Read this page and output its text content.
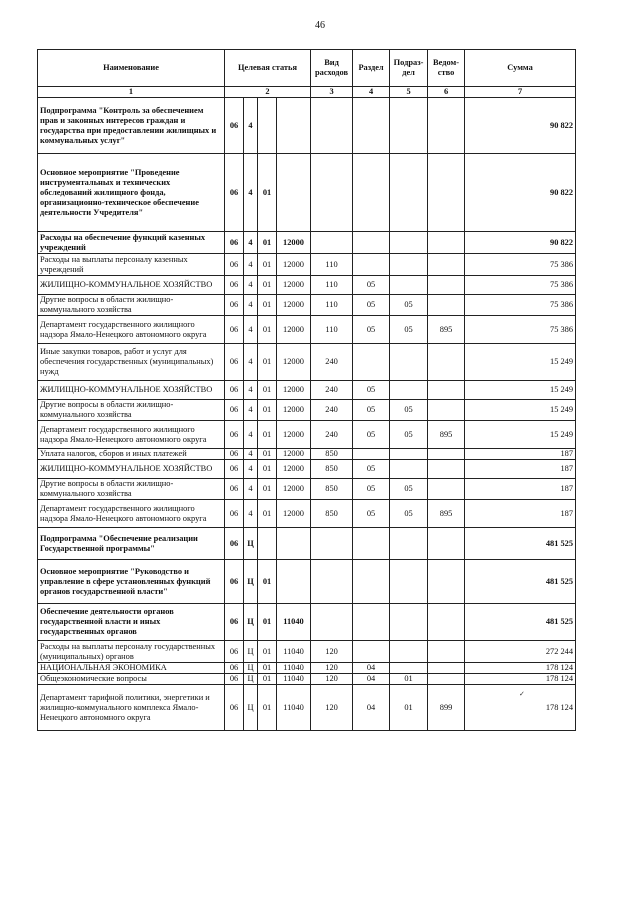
46
Наименование	Целевая статья				Вид расходов	Раздел	Подраз-дел	Ведом-ство	Сумма
1	2				3	4	5	6	7
Подпрограмма "Контроль за обеспечением прав и законных интересов граждан и государства при предоставлении жилищных и коммунальных услуг"	06	4							90 822
Основное мероприятие "Проведение инструментальных и технических обследований жилищного фонда, организационно-техническое обеспечение деятельности Учредителя"	06	4	01						90 822
Расходы на обеспечение функций казенных учреждений	06	4	01	12000					90 822
Расходы на выплаты персоналу казенных учреждений	06	4	01	12000	110				75 386
ЖИЛИЩНО-КОММУНАЛЬНОЕ ХОЗЯЙСТВО	06	4	01	12000	110	05			75 386
Другие вопросы в области жилищно-коммунального хозяйства	06	4	01	12000	110	05	05		75 386
Департамент государственного жилищного надзора Ямало-Ненецкого автономного округа	06	4	01	12000	110	05	05	895	75 386
Иные закупки товаров, работ и услуг для обеспечения государственных (муниципальных) нужд	06	4	01	12000	240				15 249
ЖИЛИЩНО-КОММУНАЛЬНОЕ ХОЗЯЙСТВО	06	4	01	12000	240	05			15 249
Другие вопросы в области жилищно-коммунального хозяйства	06	4	01	12000	240	05	05		15 249
Департамент государственного жилищного надзора Ямало-Ненецкого автономного округа	06	4	01	12000	240	05	05	895	15 249
Уплата налогов, сборов и иных платежей	06	4	01	12000	850				187
ЖИЛИЩНО-КОММУНАЛЬНОЕ ХОЗЯЙСТВО	06	4	01	12000	850	05			187
Другие вопросы в области жилищно-коммунального хозяйства	06	4	01	12000	850	05	05		187
Департамент государственного жилищного надзора Ямало-Ненецкого автономного округа	06	4	01	12000	850	05	05	895	187
Подпрограмма "Обеспечение реализации Государственной программы"	06	Ц							481 525
Основное мероприятие "Руководство и управление в сфере установленных функций органов государственной власти"	06	Ц	01						481 525
Обеспечение деятельности органов государственной власти и иных государственных органов	06	Ц	01	11040					481 525
Расходы на выплаты персоналу государственных (муниципальных) органов	06	Ц	01	11040	120				272 244
НАЦИОНАЛЬНАЯ ЭКОНОМИКА	06	Ц	01	11040	120	04			178 124
Общеэкономические вопросы	06	Ц	01	11040	120	04	01		178 124
Департамент тарифной политики, энергетики и жилищно-коммунального комплекса Ямало-Ненецкого автономного округа	06	Ц	01	11040	120	04	01	899	178 124
✓
